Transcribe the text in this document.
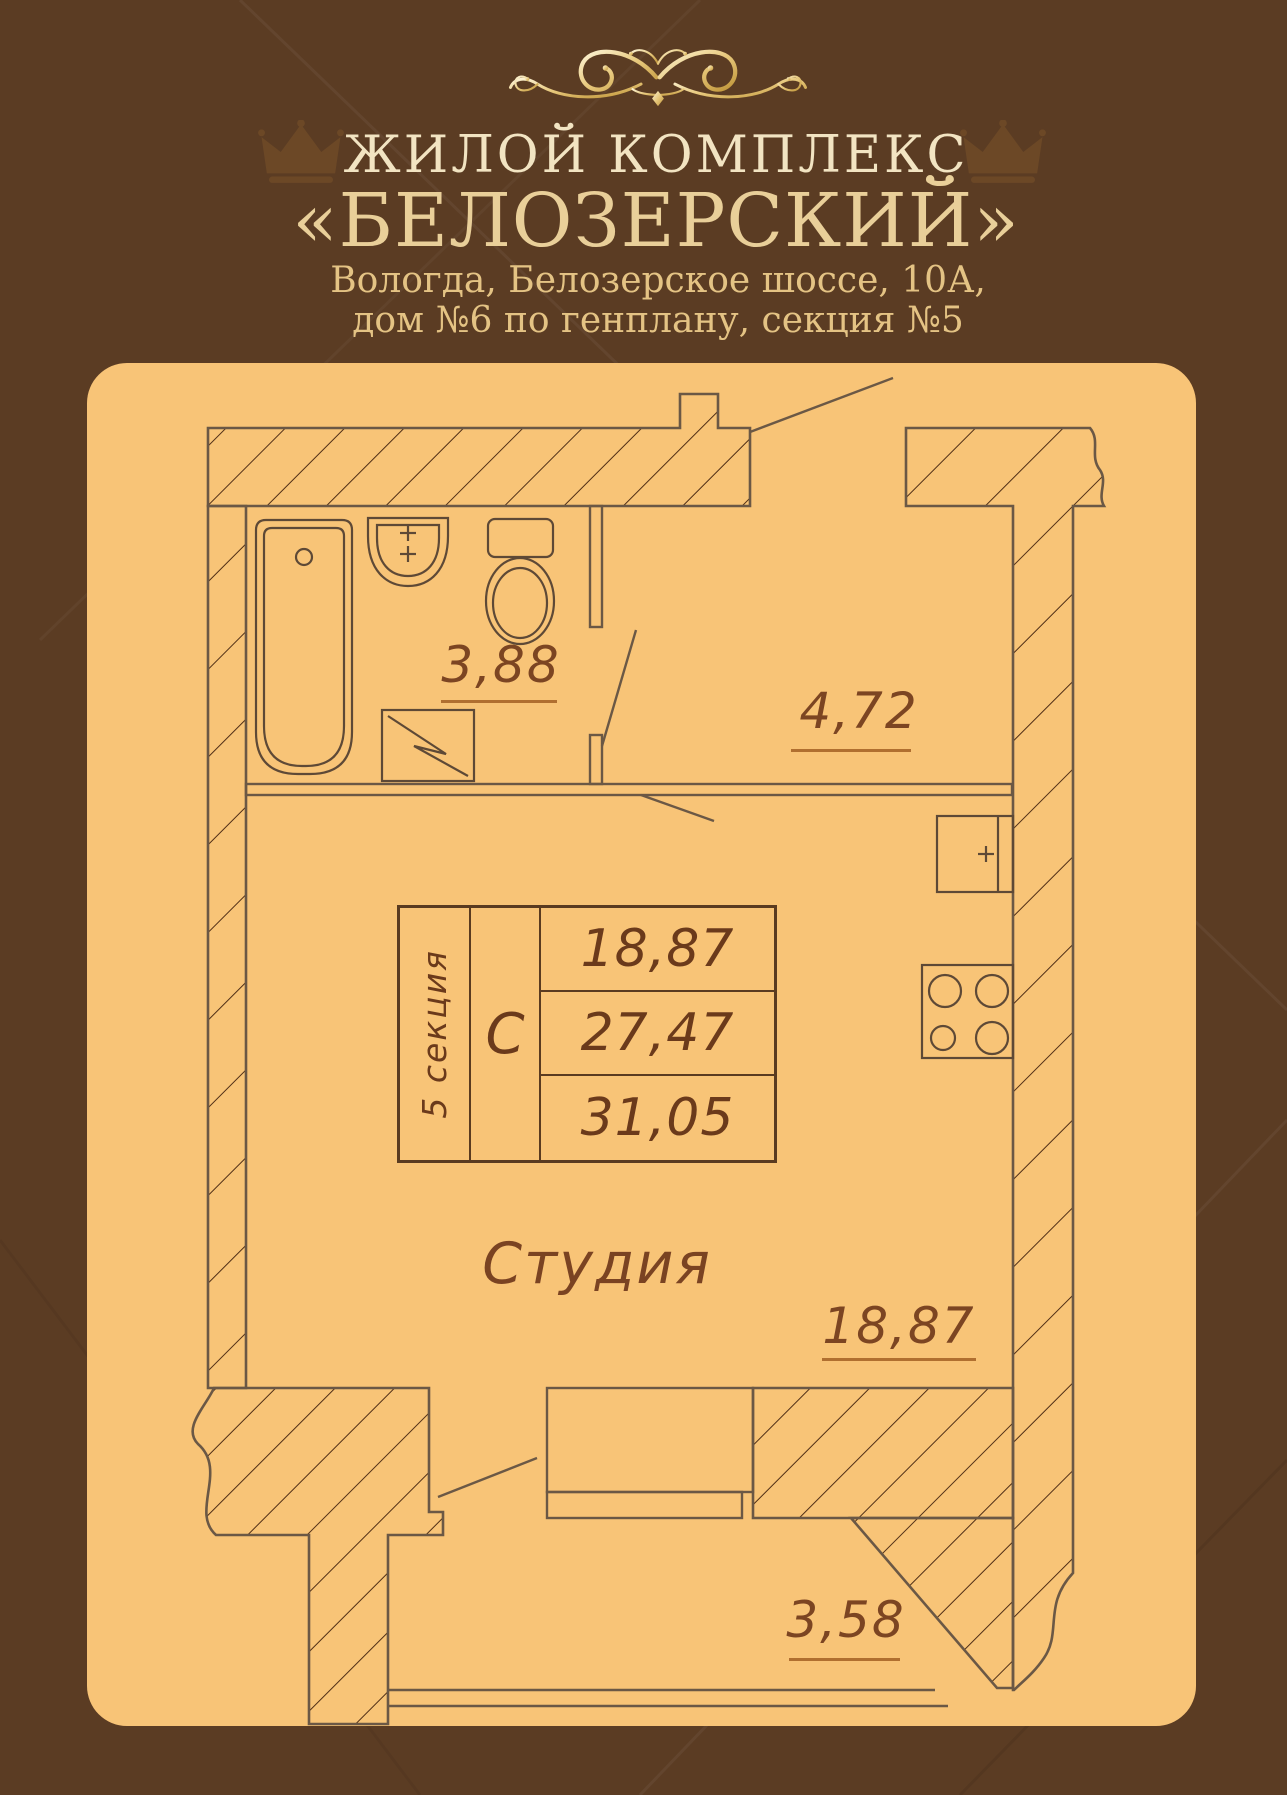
ЖИЛОЙ КОМПЛЕКС
«БЕЛОЗЕРСКИЙ»
Вологда, Белозерское шоссе, 10А,
дом №6 по генплану, секция №5
3,88
4,72
Студия
18,87
3,58
5 секция С
18,87
27,47
31,05
